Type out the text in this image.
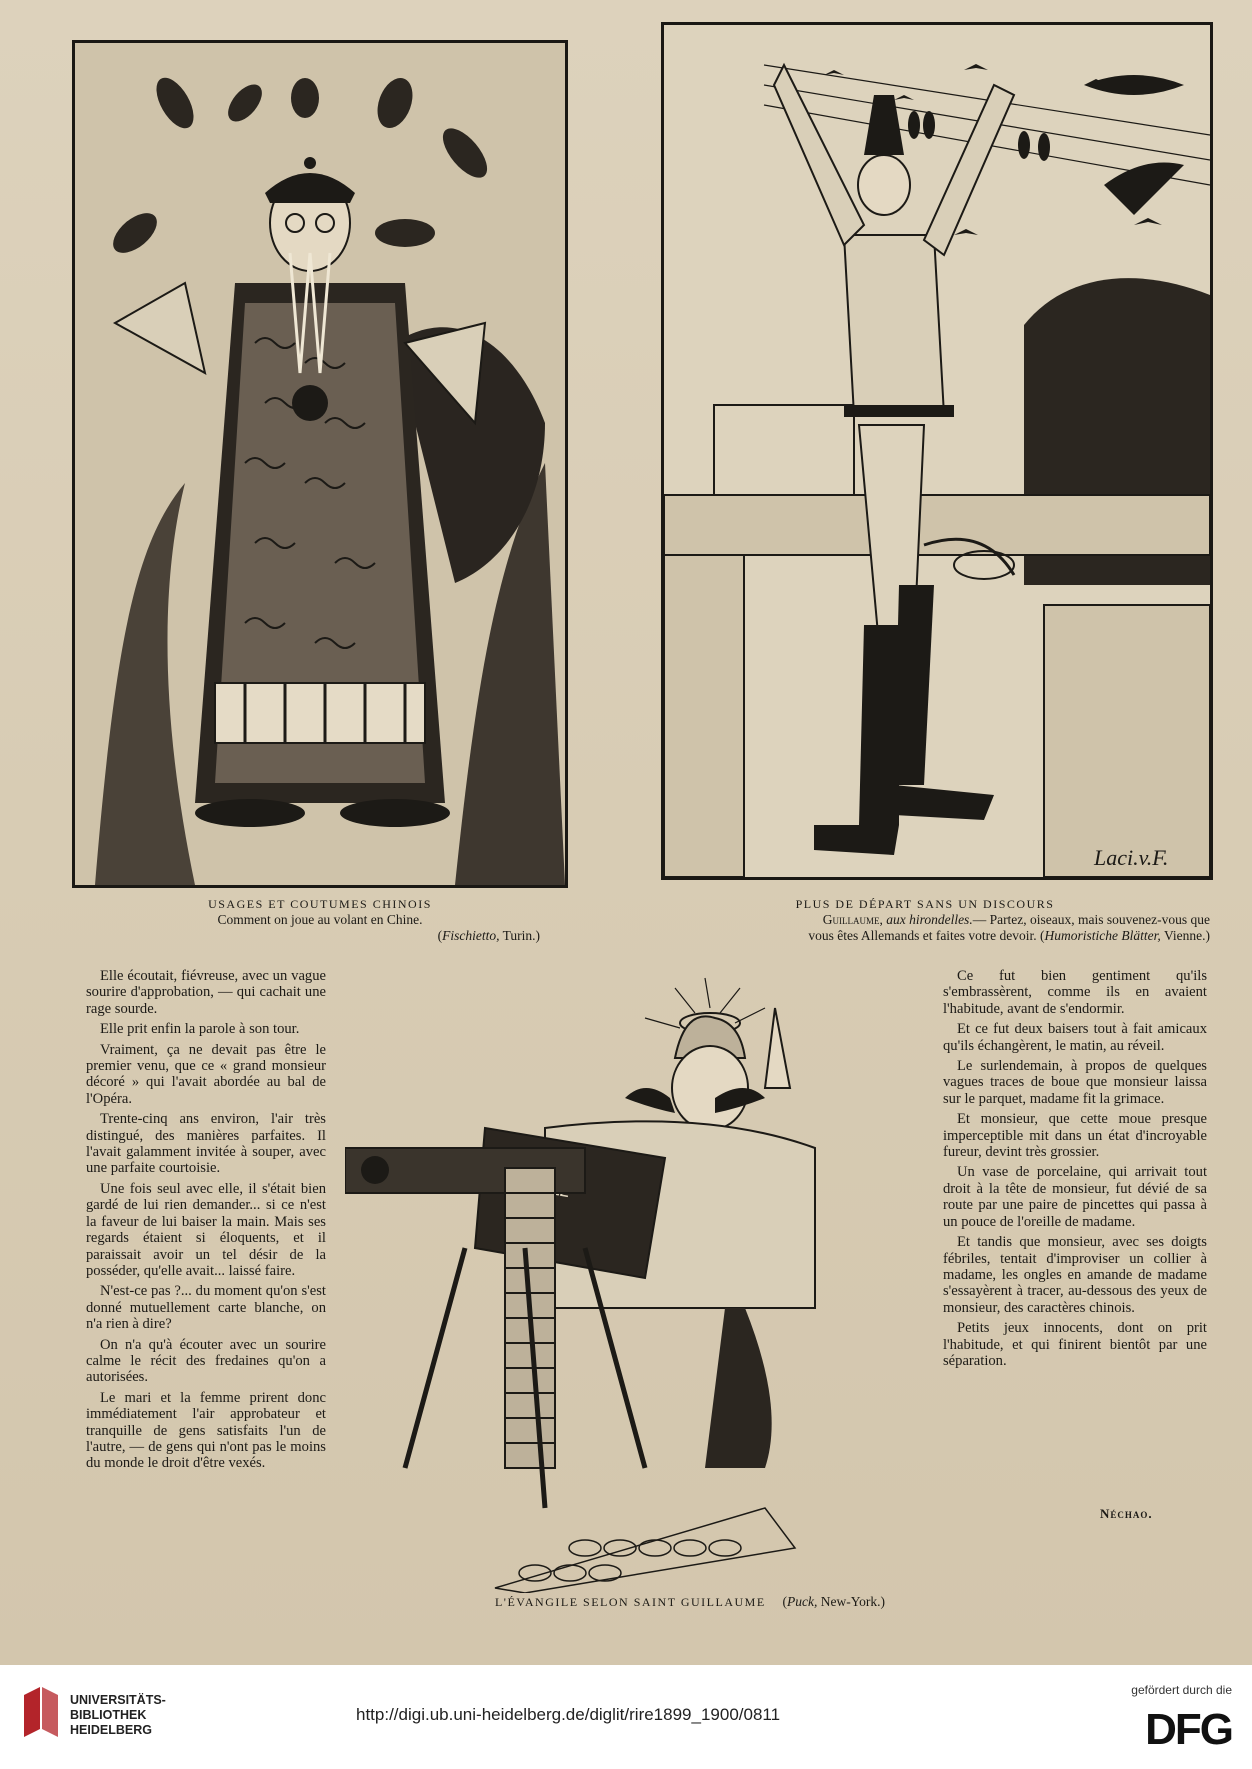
Laci.v.F.
USAGES ET COUTUMES CHINOIS
Comment on joue au volant en Chine.
(Fischietto, Turin.)
PLUS DE DÉPART SANS UN DISCOURS
Guillaume, aux hirondelles.— Partez, oiseaux, mais souvenez-vous que
vous êtes Allemands et faites votre devoir. (Humoristiche Blätter, Vienne.)
L'ÉVANGILE SELON SAINT GUILLAUME     (Puck, New-York.)

Elle écoutait, fiévreuse, avec un vague sourire d'approbation, — qui cachait une rage sourde.

Elle prit enfin la parole à son tour.

Vraiment, ça ne devait pas être le premier venu, que ce « grand monsieur décoré » qui l'avait abordée au bal de l'Opéra.

Trente-cinq ans environ, l'air très distingué, des manières parfaites. Il l'avait galamment invitée à souper, avec une parfaite courtoisie.

Une fois seul avec elle, il s'était bien gardé de lui rien demander... si ce n'est la faveur de lui baiser la main. Mais ses regards étaient si éloquents, et il paraissait avoir un tel désir de la posséder, qu'elle avait... laissé faire.

N'est-ce pas ?... du moment qu'on s'est donné mutuellement carte blanche, on n'a rien à dire?

On n'a qu'à écouter avec un sourire calme le récit des fredaines qu'on a autorisées.

Le mari et la femme prirent donc immédiatement l'air approbateur et tranquille de gens satisfaits l'un de l'autre, — de gens qui n'ont pas le moins du monde le droit d'être vexés.

Ce fut bien gentiment qu'ils s'embrassèrent, comme ils en avaient l'habitude, avant de s'endormir.

Et ce fut deux baisers tout à fait amicaux qu'ils échangèrent, le matin, au réveil.

Le surlendemain, à propos de quelques vagues traces de boue que monsieur laissa sur le parquet, madame fit la grimace.

Et monsieur, que cette moue presque imperceptible mit dans un état d'incroyable fureur, devint très grossier.

Un vase de porcelaine, qui arrivait tout droit à la tête de monsieur, fut dévié de sa route par une paire de pincettes qui passa à un pouce de l'oreille de madame.

Et tandis que monsieur, avec ses doigts fébriles, tentait d'improviser un collier à madame, les ongles en amande de madame s'essayèrent à tracer, au-dessous des yeux de monsieur, des caractères chinois.

Petits jeux innocents, dont on prit l'habitude, et qui finirent bientôt par une séparation.

Néchao.
UNIVERSITÄTS-
BIBLIOTHEK
HEIDELBERG
http://digi.ub.uni-heidelberg.de/diglit/rire1899_1900/0811
gefördert durch die
DFG
